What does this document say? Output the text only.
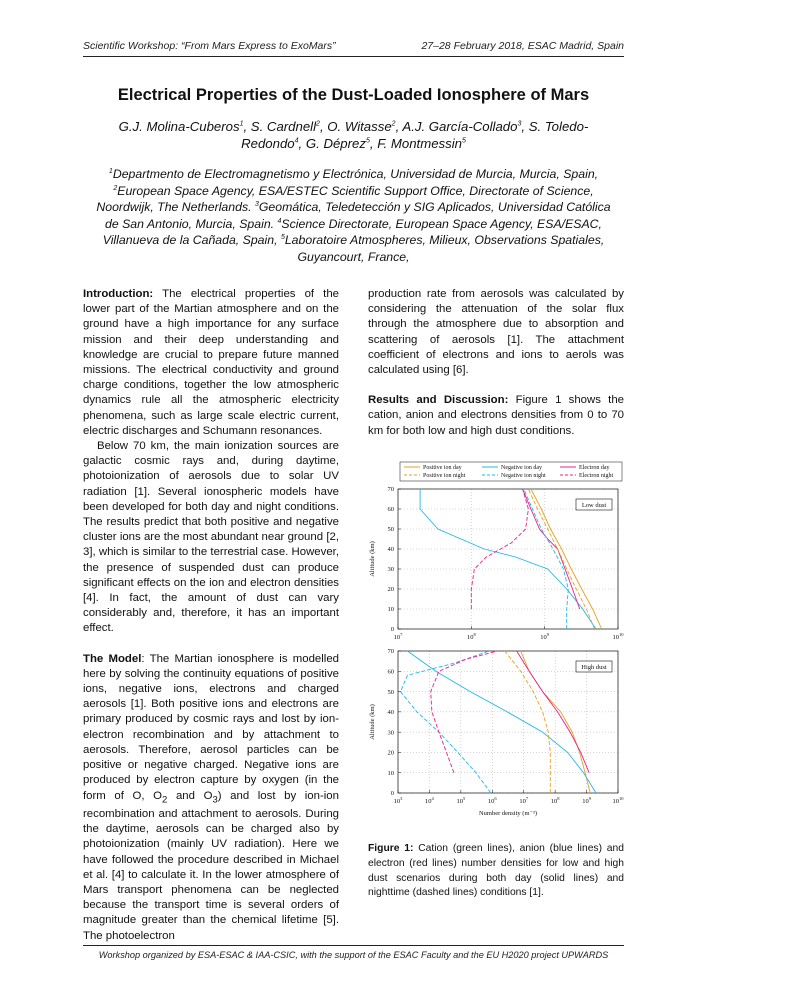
Scientific Workshop: “From Mars Express to ExoMars”	27–28 February 2018, ESAC Madrid, Spain
Electrical Properties of the Dust-Loaded Ionosphere of Mars
G.J. Molina-Cuberos$^1$, S. Cardnell$^2$, O. Witasse$^2$, A.J. García-Collado$^3$, S. Toledo-Redondo$^4$, G. Déprez$^5$, F. Montmessin$^5$
$^1$Departmento de Electromagnetismo y Electrónica, Universidad de Murcia, Murcia, Spain, $^2$European Space Agency, ESA/ESTEC Scientific Support Office, Directorate of Science, Noordwijk, The Netherlands. $^3$Geomática, Teledetección y SIG Aplicados, Universidad Católica de San Antonio, Murcia, Spain. $^4$Science Directorate, European Space Agency, ESA/ESAC, Villanueva de la Cañada, Spain, $^5$Laboratoire Atmospheres, Milieux, Observations Spatiales, Guyancourt, France,

Introduction: The electrical properties of the lower part of the Martian atmosphere and on the ground have a high importance for any surface mission and their deep understanding and knowledge are crucial to prepare future manned missions. The electrical conductivity and ground charge conditions, together the low atmospheric dynamics rule all the atmospheric electricity phenomena, such as large scale electric current, electric discharges and Schumann resonances.

Below 70 km, the main ionization sources are galactic cosmic rays and, during daytime, photoionization of aerosols due to solar UV radiation [1]. Several ionospheric models have been developed for both day and night conditions. The results predict that both positive and negative cluster ions are the most abundant near ground [2, 3], which is similar to the terrestrial case. However, the presence of suspended dust can produce significant effects on the ion and electron densities [4]. In fact, the amount of dust can vary considerably and, therefore, it has an important effect.

The Model: The Martian ionosphere is modelled here by solving the continuity equations of positive ions, negative ions, electrons and charged aerosols [1]. Both positive ions and electrons are primary produced by cosmic rays and lost by ion-electron recombination and by attachment to aerosols. Therefore, aerosol particles can be positive or negative charged. Negative ions are produced by electron capture by oxygen (in the form of O, $O_2$ and $O_3$) and lost by ion-ion recombination and attachment to aerosols. During the daytime, aerosols can be charged also by photoionization (mainly UV radiation). Here we have followed the procedure described in Michael et al. [4] to calculate it. In the lower atmosphere of Mars transport phenomena can be neglected because the transport time is several orders of magnitude greater than the chemical lifetime [5]. The photoelectron

production rate from aerosols was calculated by considering the attenuation of the solar flux through the atmosphere due to absorption and scattering of aerosols [1]. The attachment coefficient of electrons and ions to aerols was calculated using [6].

Results and Discussion: Figure 1 shows the cation, anion and electrons densities from 0 to 70 km for both low and high dust conditions.

Positive ion day	Negative ion day	Electron day
Positive ion night	Negative ion night	Electron night
$10^7$	$10^8$	$10^9$	$10^{10}$
0
10
20
30
40
50
60
70
Altitude (km)
Low dust
$10^3$	$10^4$	$10^5$	$10^6$	$10^7$	$10^8$	$10^9$	$10^{10}$
0
10
20
30
40
50
60
70
Altitude (km)
High dust
Number density (m⁻³)
Figure 1: Cation (green lines), anion (blue lines) and electron (red lines) number densities for low and high dust scenarios during both day (solid lines) and nighttime (dashed lines) conditions [1].
Workshop organized by ESA-ESAC & IAA-CSIC, with the support of the ESAC Faculty and the EU H2020 project UPWARDS
